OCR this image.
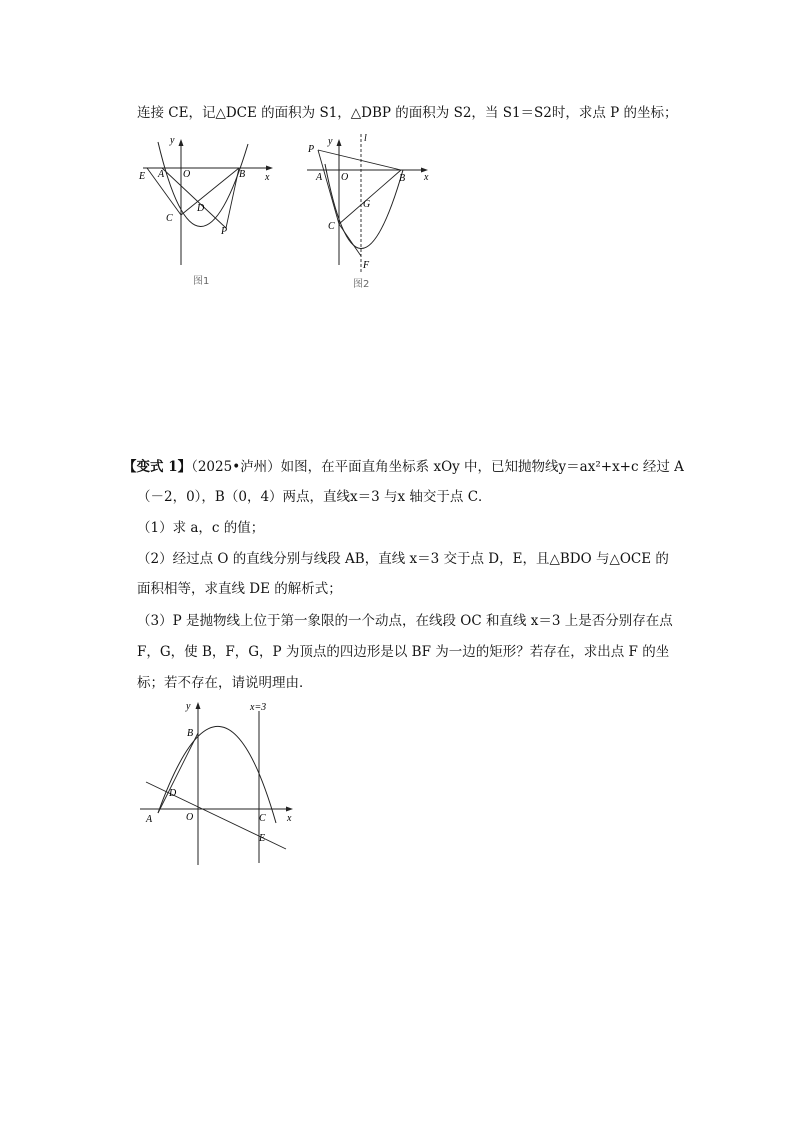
连接 CE，记△DCE 的面积为 S1，△DBP 的面积为 S2，当 S1＝S2时，求点 P 的坐标；
y
x
O
A	B
E
C
D
P
图1
y
x
l
P
A O	B
G
C
F
图2
【变式 1】（2025•泸州）如图，在平面直角坐标系 xOy 中，已知抛物线y＝ax²+x+c 经过 A
（－2，0），B（0，4）两点，直线x＝3 与x 轴交于点 C．
（1）求 a，c 的值；
（2）经过点 O 的直线分别与线段 AB，直线 x＝3 交于点 D，E，且△BDO 与△OCE 的
面积相等，求直线 DE 的解析式；
（3）P 是抛物线上位于第一象限的一个动点，在线段 OC 和直线 x＝3 上是否分别存在点
F，G，使 B，F，G，P 为顶点的四边形是以 BF 为一边的矩形？若存在，求出点 F 的坐
标；若不存在，请说明理由．
y	x=3
B
D
A	O	C
E
x
